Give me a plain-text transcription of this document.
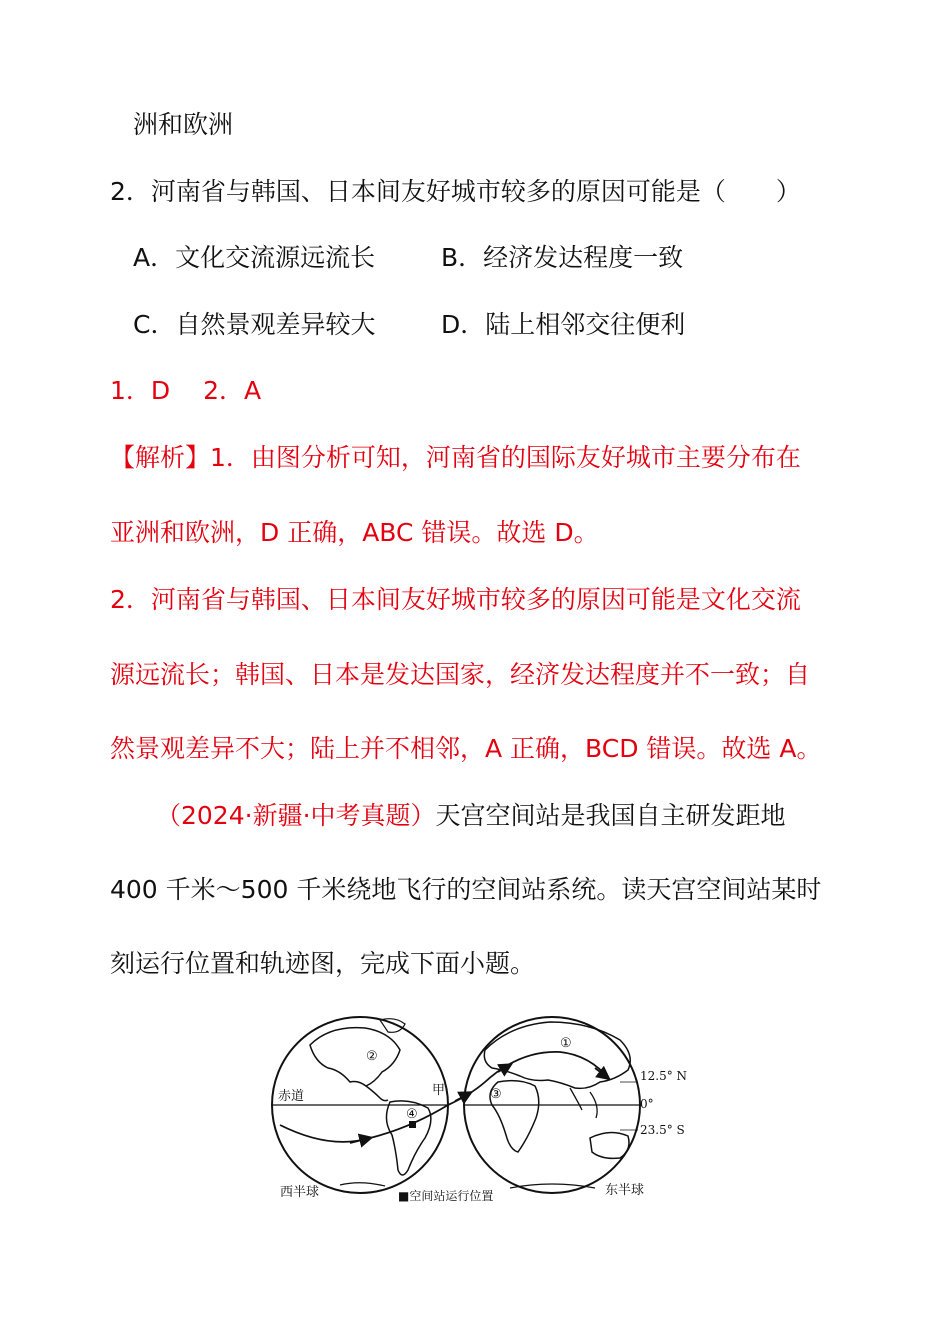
洲和欧洲
2．河南省与韩国、日本间友好城市较多的原因可能是（　　）
A．文化交流源远流长	B．经济发达程度一致
C．自然景观差异较大	D．陆上相邻交往便利
1．D　 2．A
【解析】1．由图分析可知，河南省的国际友好城市主要分布在
亚洲和欧洲，D 正确，ABC 错误。故选 D。
2．河南省与韩国、日本间友好城市较多的原因可能是文化交流
源远流长；韩国、日本是发达国家，经济发达程度并不一致；自
然景观差异不大；陆上并不相邻，A 正确，BCD 错误。故选 A。
（2024·新疆·中考真题）天宫空间站是我国自主研发距地
400 千米～500 千米绕地飞行的空间站系统。读天宫空间站某时
刻运行位置和轨迹图，完成下面小题。
赤道	甲
①
②
③
④
12.5° N
0°
23.5° S
西半球	东半球
■空间站运行位置
